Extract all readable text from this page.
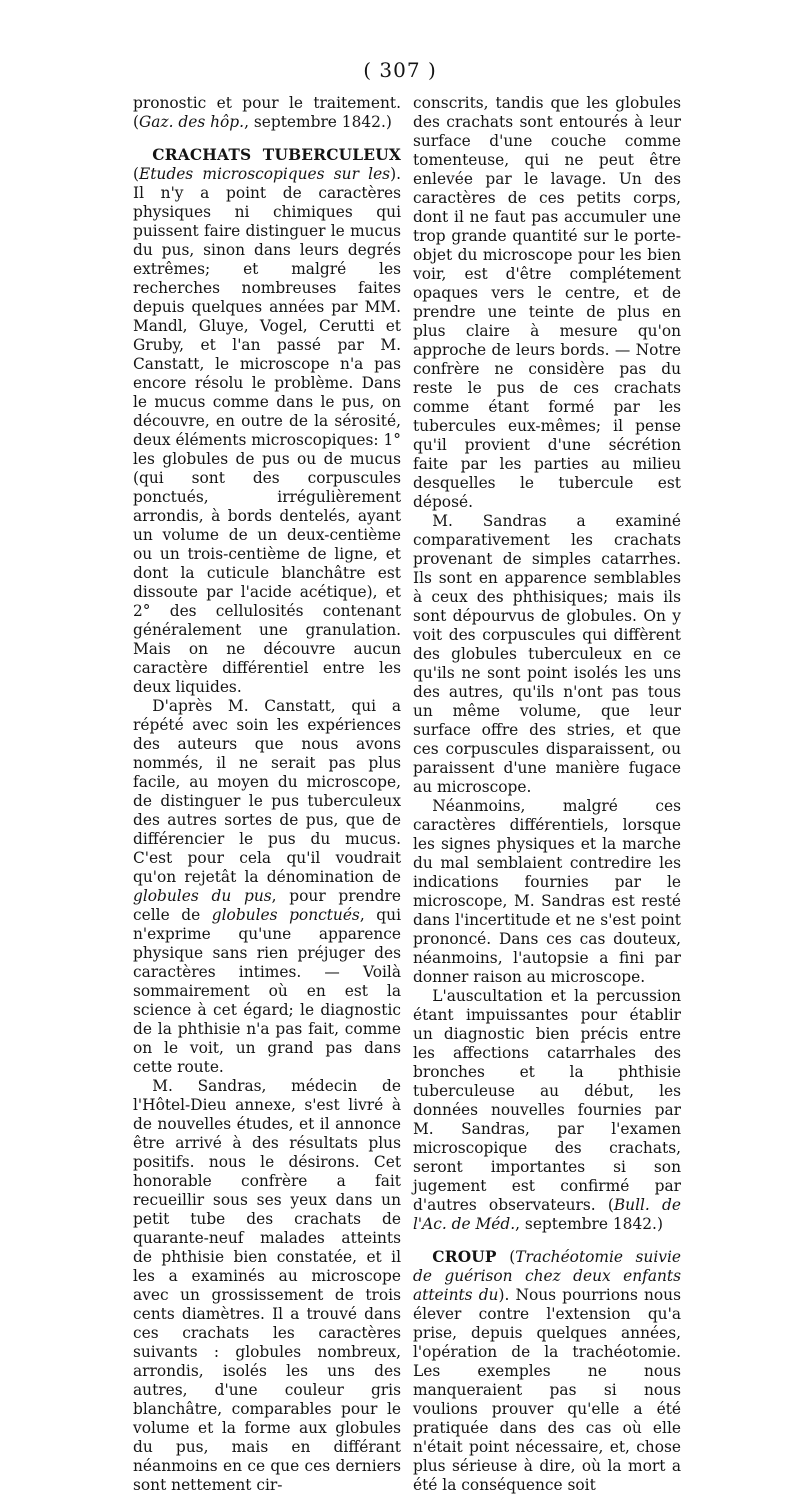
( 307 )

pronostic et pour le traitement. (Gaz. des hôp., septembre 1842.)

CRACHATS TUBERCULEUX (Etudes microscopiques sur les). Il n'y a point de caractères physiques ni chimiques qui puissent faire distinguer le mucus du pus, sinon dans leurs degrés extrêmes; et malgré les recherches nombreuses faites depuis quelques années par MM. Mandl, Gluye, Vogel, Cerutti et Gruby, et l'an passé par M. Canstatt, le microscope n'a pas encore résolu le problème. Dans le mucus comme dans le pus, on découvre, en outre de la sérosité, deux éléments microscopiques: 1° les globules de pus ou de mucus (qui sont des corpuscules ponctués, irrégulièrement arrondis, à bords dentelés, ayant un volume de un deux-centième ou un trois-centième de ligne, et dont la cuticule blanchâtre est dissoute par l'acide acétique), et 2° des cellulosités contenant généralement une granulation. Mais on ne découvre aucun caractère différentiel entre les deux liquides.

D'après M. Canstatt, qui a répété avec soin les expériences des auteurs que nous avons nommés, il ne serait pas plus facile, au moyen du microscope, de distinguer le pus tuberculeux des autres sortes de pus, que de différencier le pus du mucus. C'est pour cela qu'il voudrait qu'on rejetât la dénomination de globules du pus, pour prendre celle de globules ponctués, qui n'exprime qu'une apparence physique sans rien préjuger des caractères intimes. — Voilà sommairement où en est la science à cet égard; le diagnostic de la phthisie n'a pas fait, comme on le voit, un grand pas dans cette route.

M. Sandras, médecin de l'Hôtel-Dieu annexe, s'est livré à de nouvelles études, et il annonce être arrivé à des résultats plus positifs. nous le désirons. Cet honorable confrère a fait recueillir sous ses yeux dans un petit tube des crachats de quarante-neuf malades atteints de phthisie bien constatée, et il les a examinés au microscope avec un grossissement de trois cents diamètres. Il a trouvé dans ces crachats les caractères suivants : globules nombreux, arrondis, isolés les uns des autres, d'une couleur gris blanchâtre, comparables pour le volume et la forme aux globules du pus, mais en différant néanmoins en ce que ces derniers sont nettement cir-

conscrits, tandis que les globules des crachats sont entourés à leur surface d'une couche comme tomenteuse, qui ne peut être enlevée par le lavage. Un des caractères de ces petits corps, dont il ne faut pas accumuler une trop grande quantité sur le porte-objet du microscope pour les bien voir, est d'être complétement opaques vers le centre, et de prendre une teinte de plus en plus claire à mesure qu'on approche de leurs bords. — Notre confrère ne considère pas du reste le pus de ces crachats comme étant formé par les tubercules eux-mêmes; il pense qu'il provient d'une sécrétion faite par les parties au milieu desquelles le tubercule est déposé.

M. Sandras a examiné comparativement les crachats provenant de simples catarrhes. Ils sont en apparence semblables à ceux des phthisiques; mais ils sont dépourvus de globules. On y voit des corpuscules qui diffèrent des globules tuberculeux en ce qu'ils ne sont point isolés les uns des autres, qu'ils n'ont pas tous un même volume, que leur surface offre des stries, et que ces corpuscules disparaissent, ou paraissent d'une manière fugace au microscope.

Néanmoins, malgré ces caractères différentiels, lorsque les signes physiques et la marche du mal semblaient contredire les indications fournies par le microscope, M. Sandras est resté dans l'incertitude et ne s'est point prononcé. Dans ces cas douteux, néanmoins, l'autopsie a fini par donner raison au microscope.

L'auscultation et la percussion étant impuissantes pour établir un diagnostic bien précis entre les affections catarrhales des bronches et la phthisie tuberculeuse au début, les données nouvelles fournies par M. Sandras, par l'examen microscopique des crachats, seront importantes si son jugement est confirmé par d'autres observateurs. (Bull. de l'Ac. de Méd., septembre 1842.)

CROUP (Trachéotomie suivie de guérison chez deux enfants atteints du). Nous pourrions nous élever contre l'extension qu'a prise, depuis quelques années, l'opération de la trachéotomie. Les exemples ne nous manqueraient pas si nous voulions prouver qu'elle a été pratiquée dans des cas où elle n'était point nécessaire, et, chose plus sérieuse à dire, où la mort a été la conséquence soit
